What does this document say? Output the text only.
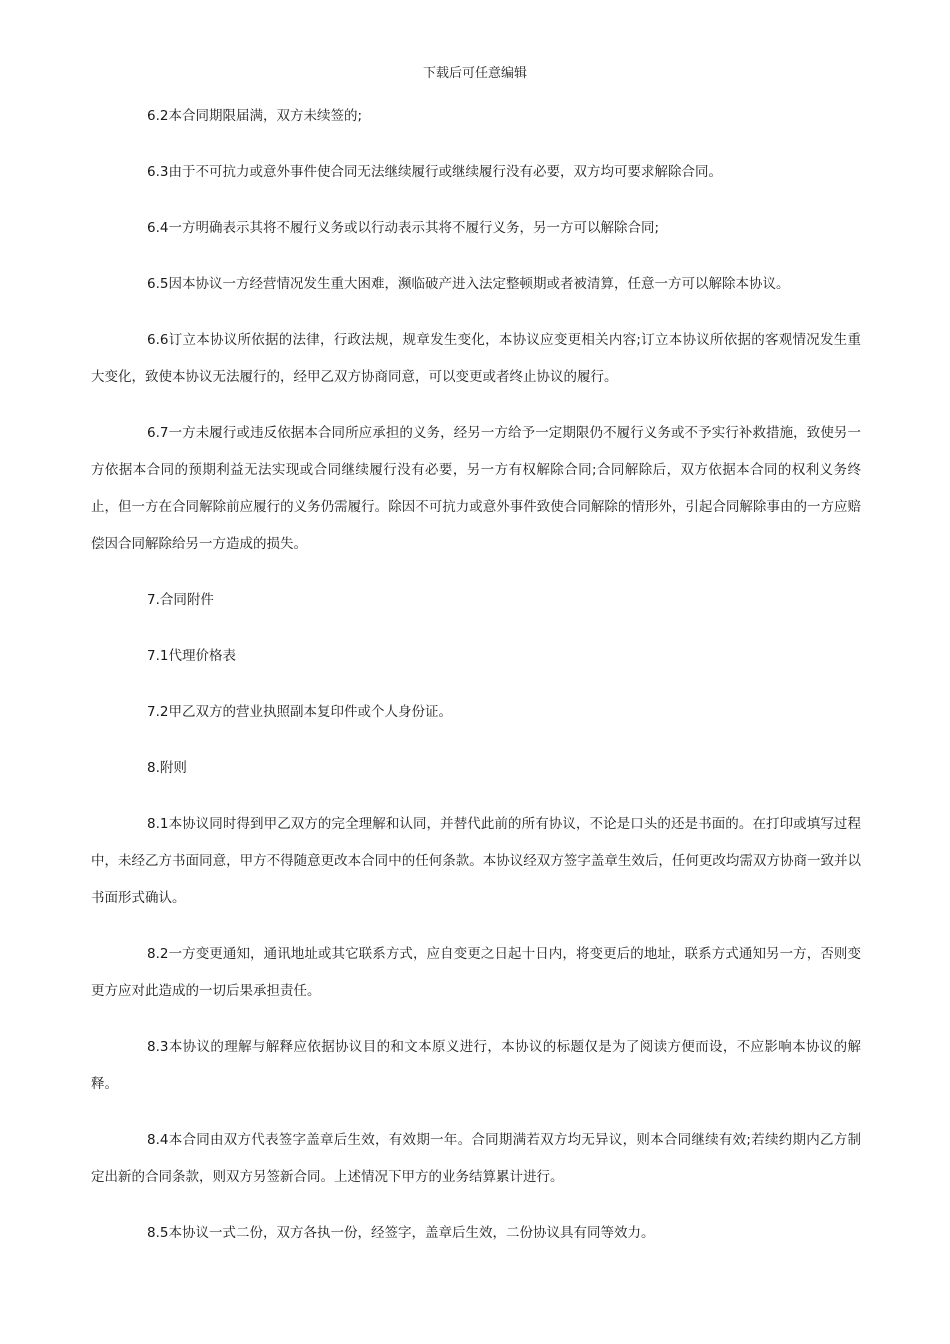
下载后可任意编辑

6.2本合同期限届满，双方未续签的;

6.3由于不可抗力或意外事件使合同无法继续履行或继续履行没有必要，双方均可要求解除合同。

6.4一方明确表示其将不履行义务或以行动表示其将不履行义务，另一方可以解除合同;

6.5因本协议一方经营情况发生重大困难，濒临破产进入法定整顿期或者被清算，任意一方可以解除本协议。

6.6订立本协议所依据的法律，行政法规，规章发生变化，本协议应变更相关内容;订立本协议所依据的客观情况发生重大变化，致使本协议无法履行的，经甲乙双方协商同意，可以变更或者终止协议的履行。

6.7一方未履行或违反依据本合同所应承担的义务，经另一方给予一定期限仍不履行义务或不予实行补救措施，致使另一方依据本合同的预期利益无法实现或合同继续履行没有必要，另一方有权解除合同;合同解除后，双方依据本合同的权利义务终止，但一方在合同解除前应履行的义务仍需履行。除因不可抗力或意外事件致使合同解除的情形外，引起合同解除事由的一方应赔偿因合同解除给另一方造成的损失。

7.合同附件

7.1代理价格表

7.2甲乙双方的营业执照副本复印件或个人身份证。

8.附则

8.1本协议同时得到甲乙双方的完全理解和认同，并替代此前的所有协议，不论是口头的还是书面的。在打印或填写过程中，未经乙方书面同意，甲方不得随意更改本合同中的任何条款。本协议经双方签字盖章生效后，任何更改均需双方协商一致并以书面形式确认。

8.2一方变更通知，通讯地址或其它联系方式，应自变更之日起十日内，将变更后的地址，联系方式通知另一方，否则变更方应对此造成的一切后果承担责任。

8.3本协议的理解与解释应依据协议目的和文本原义进行，本协议的标题仅是为了阅读方便而设，不应影响本协议的解释。

8.4本合同由双方代表签字盖章后生效，有效期一年。合同期满若双方均无异议，则本合同继续有效;若续约期内乙方制定出新的合同条款，则双方另签新合同。上述情况下甲方的业务结算累计进行。

8.5本协议一式二份，双方各执一份，经签字，盖章后生效，二份协议具有同等效力。
